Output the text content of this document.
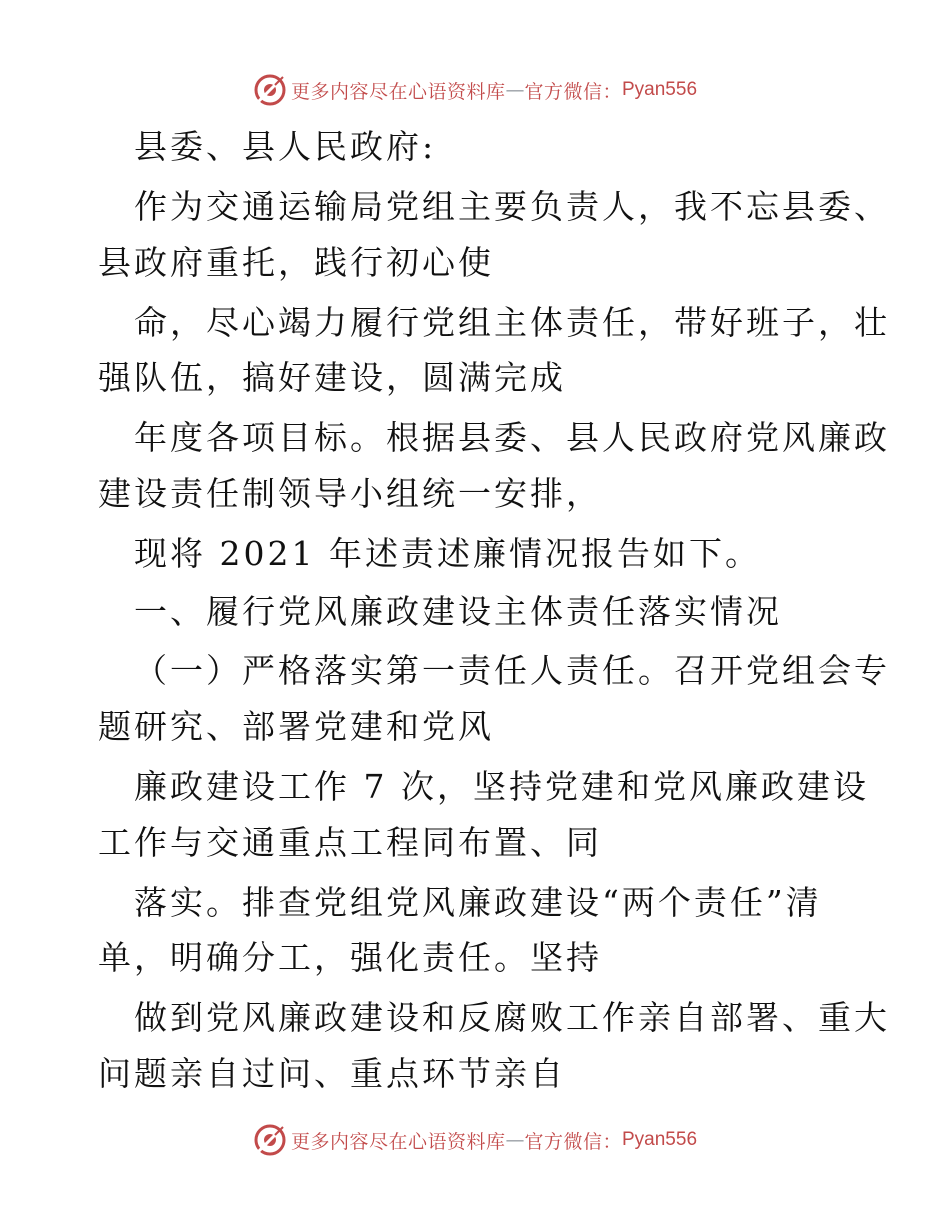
更多内容尽在心语资料库 — 官方微信： Pyan556
县委、县人民政府:
作为交通运输局党组主要负责人，我不忘县委、
县政府重托，践行初心使
命，尽心竭力履行党组主体责任，带好班子，壮
强队伍，搞好建设，圆满完成
年度各项目标。根据县委、县人民政府党风廉政
建设责任制领导小组统一安排，
现将 2021 年述责述廉情况报告如下。
一、履行党风廉政建设主体责任落实情况
（一）严格落实第一责任人责任。召开党组会专
题研究、部署党建和党风
廉政建设工作 7 次，坚持党建和党风廉政建设
工作与交通重点工程同布置、同
落实。排查党组党风廉政建设“两个责任”清
单，明确分工，强化责任。坚持
做到党风廉政建设和反腐败工作亲自部署、重大
问题亲自过问、重点环节亲自
更多内容尽在心语资料库 — 官方微信： Pyan556
